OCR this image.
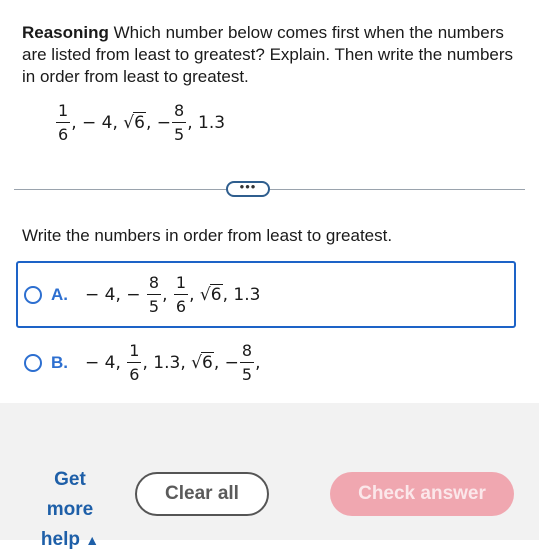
Reasoning Which number below comes first when the numbers are listed from least to greatest? Explain. Then write the numbers in order from least to greatest.
$\frac{1}{6}$ , − 4, √6, − $\frac{8}{5}$ , 1.3
•••
Write the numbers in order from least to greatest.
A.	− 4, − $\frac{8}{5}$ , $\frac{1}{6}$ , √6, 1.3
B.	− 4, $\frac{1}{6}$ , 1.3, √6, − $\frac{8}{5}$ ,
Get
more
help ▲
Clear all	Check answer
